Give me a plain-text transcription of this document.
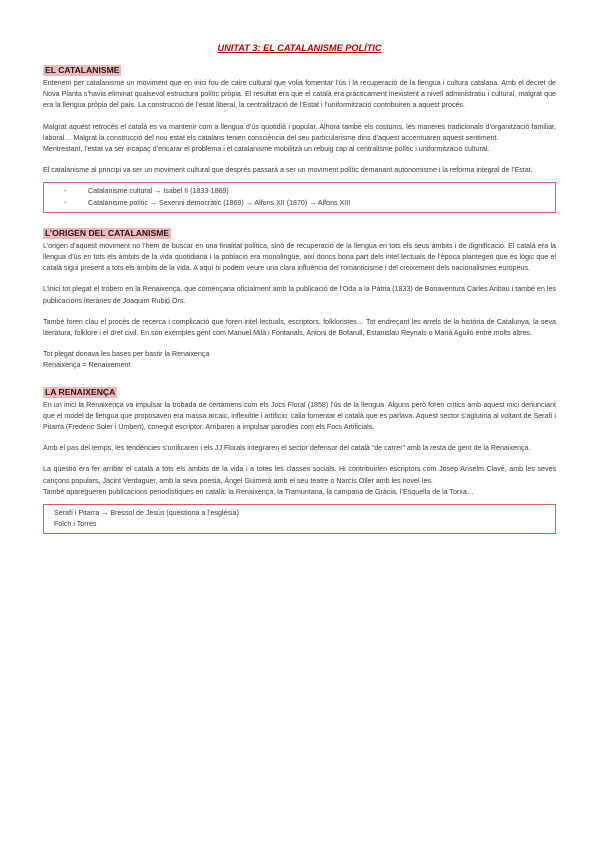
UNITAT 3: EL CATALANISME POLÍTIC

EL CATALANISME

Entenem per catalanisme un moviment que en inici fou de caire cultural que volia fomentar l’ús i la recuperació de la llengua i cultura catalana. Amb el decret de Nova Planta s’havia eliminat qualsevol estructura polític pròpia. El resultat era que el català era pràcticament inexistent a nivell administratiu i cultural, malgrat que era la llengua pròpia del país. La construcció de l’estat liberal, la centralització de l’Estat i l’uniformització contribuiren a aquest procés.

Malgrat aquest retrocés el català es va mantenir com a llengua d’ús quotidià i popular. Alhora també els costums, les maneres tradicionals d’organització familiar, laboral… Malgrat la construcció del nou estat els catalans tenien consciència del seu particularisme dins d’aquest accentuaren aquest sentiment.

Mentrestant, l’estat va ser incapaç d’encarar el problema i el catalanisme mobilitzà un rebuig cap al centralisme polític i uniformització cultural.

El catalanisme al principi va ser un moviment cultural que després passarà a ser un moviment polític demanant autonomisme i la reforma integral de l’Estat.

- Catalanisme cultural → Isabel II (1833-1869)
- Catalanisme polític → Sexenni democràtic (1869) → Alfons XII (1870) → Alfons XIII
L’ORIGEN DEL CATALANISME

L’origen d’aquest moviment no l’hem de buscar en una finalitat política, sinó de recuperació de la llengua en tots els seus àmbits i de dignificació. El català era la llengua d’ús en tots els àmbits de la vida quotidiana i la població era monolingüe, així doncs bona part dels intel·lectuals de l’època plantegen que és lògic que el català sigui present a tots els àmbits de la vida. A aquí hi podem veure una clara influència del romanticisme i del creixement dels nacionalismes europeus.

L’inici tot plegat el trobem en la Renaixença, que començaria oficialment amb la publicació de l’Oda a la Pàtria (1833) de Bonaventura Carles Aribau i també en les publicacions literàries de Joaquim Rubió Ors.

També foren clau el procés de recerca i complicació que foren intel·lectuals, escriptors, folkloristes… Tot endreçant les arrels de la història de Catalunya, la seva literatura, folklore i el dret civil. En són exemples gent com Manuel Milà i Fontanals, Antoni de Bofarull, Estanislau Reynals o Marià Aguiló entre molts altres.

Tot plegat donava les bases per bastir la Renaixença

Renaixença = Renaixement

LA RENAIXENÇA

En un inici la Renaixença va impulsar la trobada de certàmens com els Jocs Floral (1858) l’ús de la llengua. Alguns però foren crítics amb aquest inici denunciant que el model de llengua que proposaven era massa arcaic, inflexible i artificio: calia fomentar el català que es parlava. Aquest sector s’aglutina al voltant de Serafí i Pitarra (Frederic Soler i Umbert), conegut escriptor. Arribaren a impulsar parodies com els Focs Artificials.

Amb el pas del temps, les tendències s’unificaren i els JJ Florals integraren el sector defensor del català “de carrer” amb la resta de gent de la Renaixença.

La qüestió era fer arribar el català a tots els àmbits de la vida i a totes les classes socials. Hi contribuirien escriptors com Josep Anselm Clavé, amb les seves cançons populars, Jacint Verdaguer, amb la seva poesia, Àngel Guimerà amb el seu teatre o Narcís Oller amb les novel·les.

També aparegueren publicacions periodístiques en català: la Renaixença, la Tramuntana, la campana de Gràcia, l’Esquella de la Torxa…

Serafí i Pitarra → Bressol de Jesús (questiona a l’església)

Folch i Torres
